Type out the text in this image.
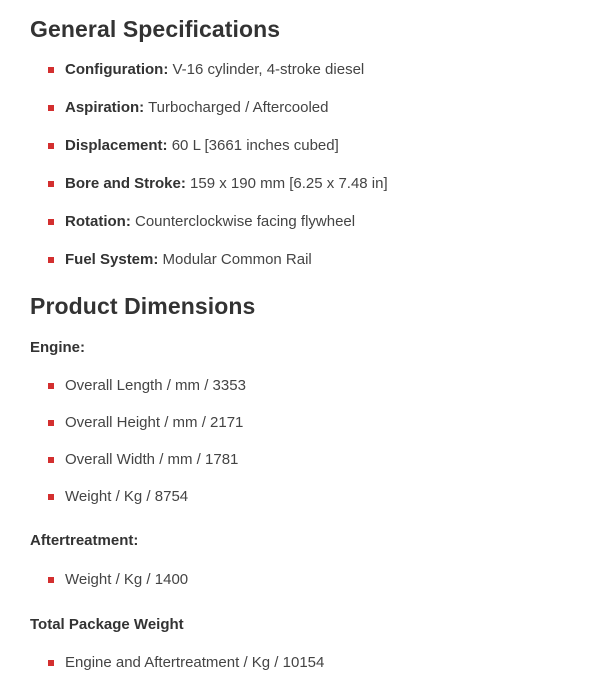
General Specifications
Configuration: V-16 cylinder, 4-stroke diesel
Aspiration: Turbocharged / Aftercooled
Displacement: 60 L [3661 inches cubed]
Bore and Stroke: 159 x 190 mm [6.25 x 7.48 in]
Rotation: Counterclockwise facing flywheel
Fuel System: Modular Common Rail
Product Dimensions
Engine:
Overall Length / mm / 3353
Overall Height / mm / 2171
Overall Width / mm / 1781
Weight / Kg / 8754
Aftertreatment:
Weight / Kg / 1400
Total Package Weight
Engine and Aftertreatment / Kg / 10154
